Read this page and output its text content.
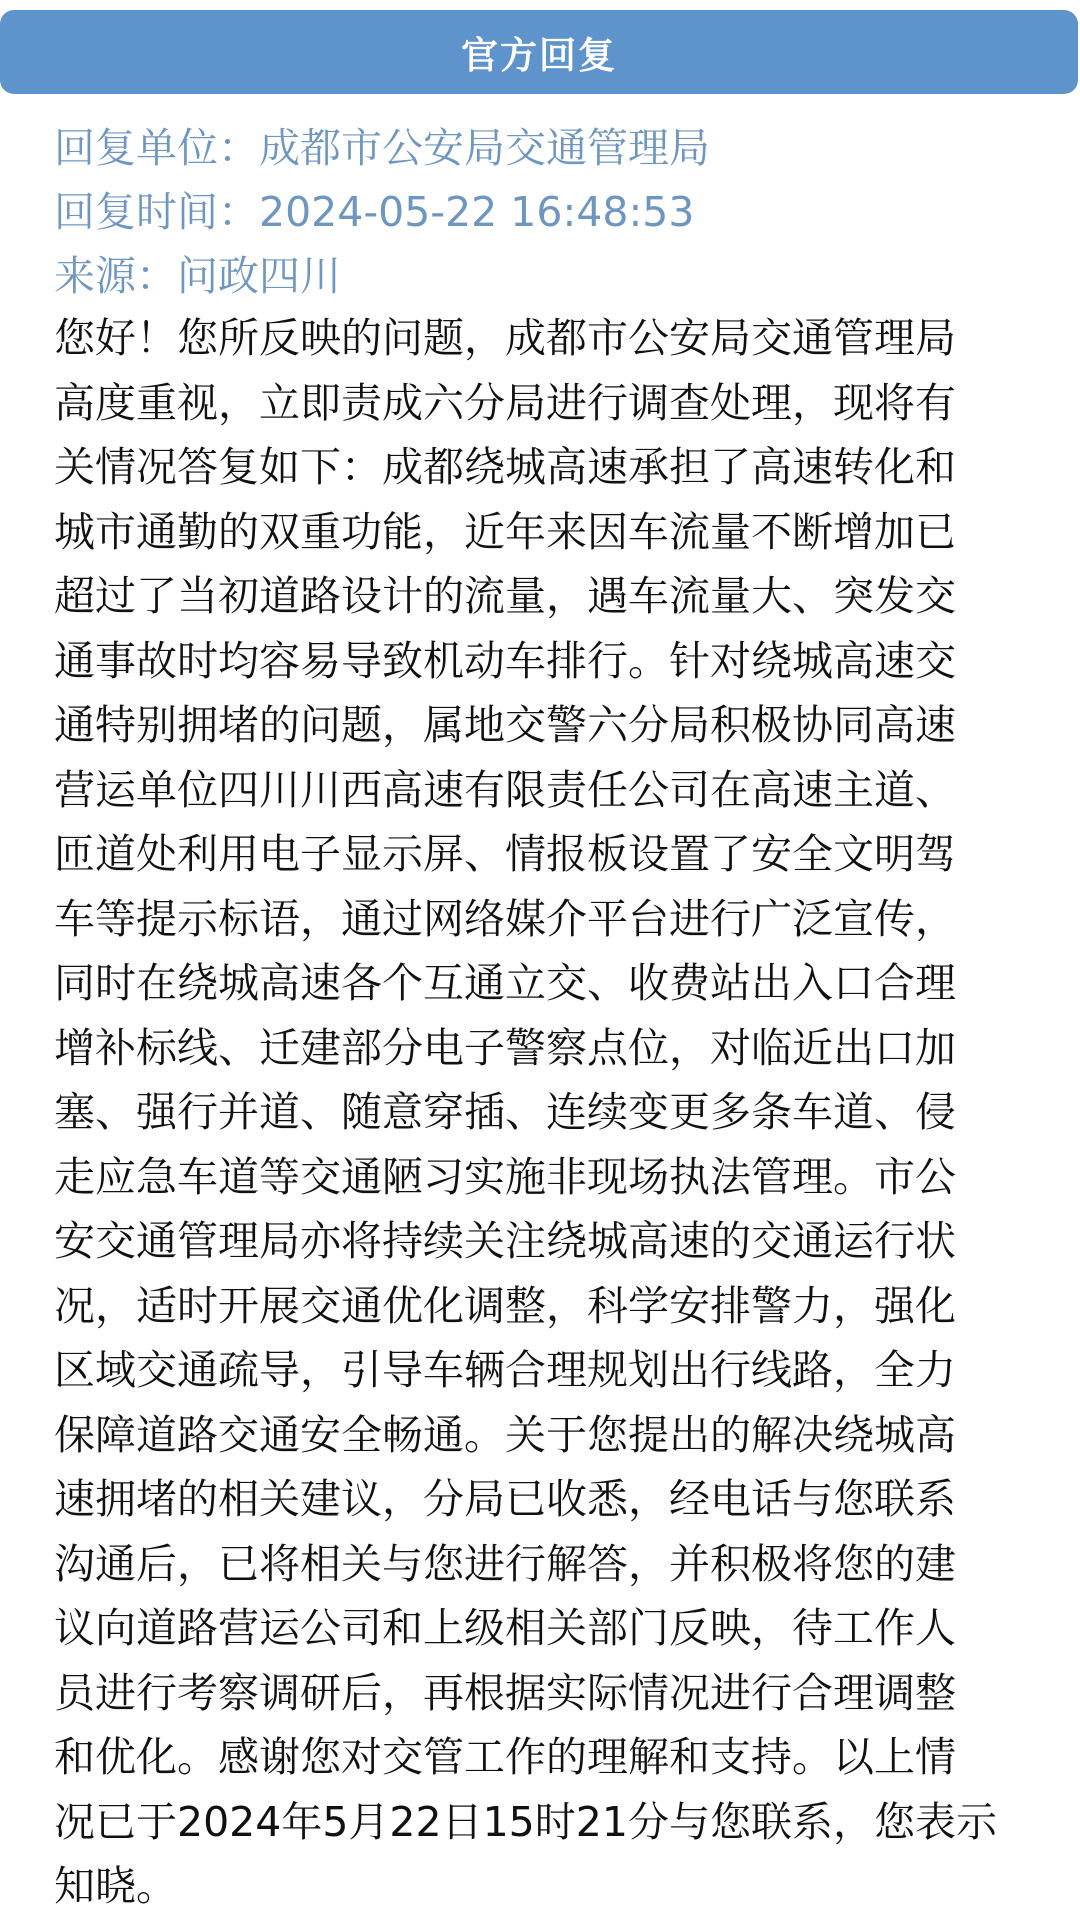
官方回复
回复单位：成都市公安局交通管理局
回复时间：2024-05-22 16:48:53
来源：问政四川
您好！您所反映的问题，成都市公安局交通管理局
高度重视，立即责成六分局进行调查处理，现将有
关情况答复如下：成都绕城高速承担了高速转化和
城市通勤的双重功能，近年来因车流量不断增加已
超过了当初道路设计的流量，遇车流量大、突发交
通事故时均容易导致机动车排行。针对绕城高速交
通特别拥堵的问题，属地交警六分局积极协同高速
营运单位四川川西高速有限责任公司在高速主道、
匝道处利用电子显示屏、情报板设置了安全文明驾
车等提示标语，通过网络媒介平台进行广泛宣传，
同时在绕城高速各个互通立交、收费站出入口合理
增补标线、迁建部分电子警察点位，对临近出口加
塞、强行并道、随意穿插、连续变更多条车道、侵
走应急车道等交通陋习实施非现场执法管理。市公
安交通管理局亦将持续关注绕城高速的交通运行状
况，适时开展交通优化调整，科学安排警力，强化
区域交通疏导，引导车辆合理规划出行线路，全力
保障道路交通安全畅通。关于您提出的解决绕城高
速拥堵的相关建议，分局已收悉，经电话与您联系
沟通后，已将相关与您进行解答，并积极将您的建
议向道路营运公司和上级相关部门反映，待工作人
员进行考察调研后，再根据实际情况进行合理调整
和优化。感谢您对交管工作的理解和支持。以上情
况已于2024年5月22日15时21分与您联系，您表示
知晓。
